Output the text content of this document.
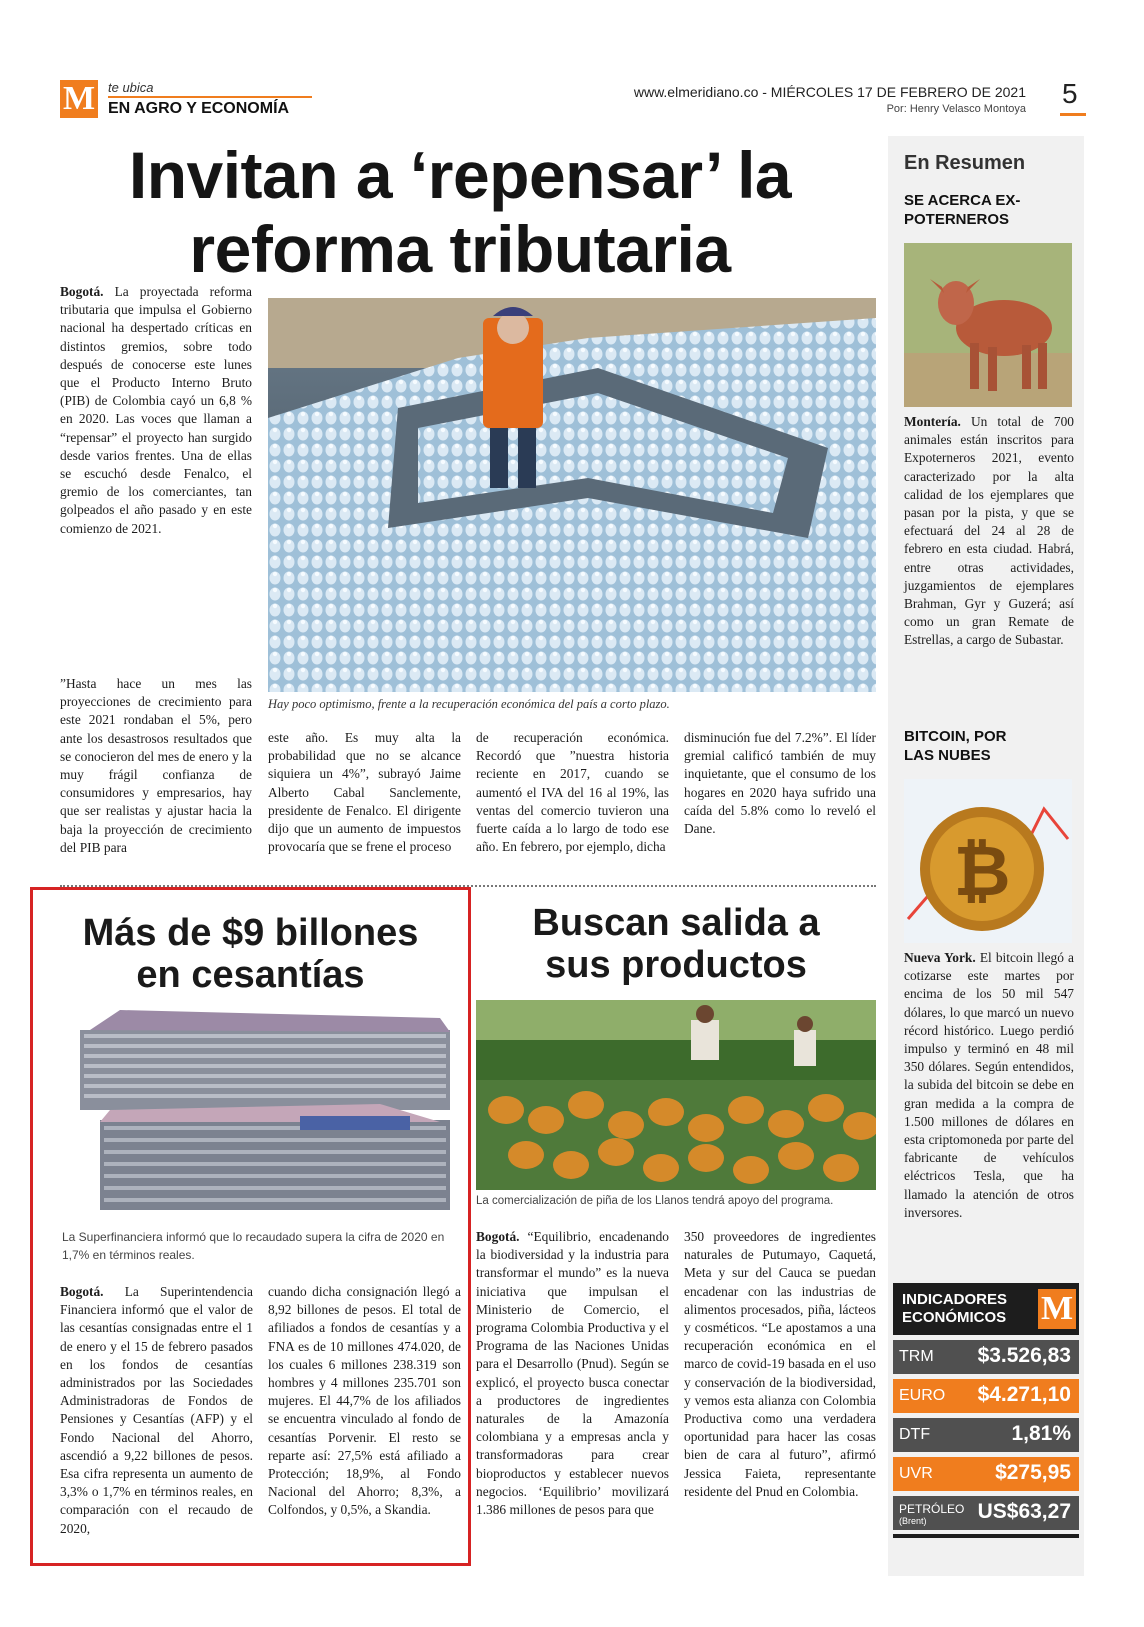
M te ubica
EN AGRO Y ECONOMÍA
www.elmeridiano.co - MIÉRCOLES 17 DE FEBRERO DE 2021
Por: Henry Velasco Montoya 5
Invitan a ‘repensar’ la
reforma tributaria
Bogotá. La proyectada reforma tributaria que impulsa el Gobierno nacional ha despertado críticas en distintos gremios, sobre todo después de conocerse este lunes que el Producto Interno Bruto (PIB) de Colombia cayó un 6,8 % en 2020. Las voces que llaman a “repensar” el proyecto han surgido desde varios frentes. Una de ellas se escuchó desde Fenalco, el gremio de los comerciantes, tan golpeados el año pasado y en este comienzo de 2021.
”Hasta hace un mes las proyecciones de crecimiento para este 2021 rondaban el 5%, pero ante los desastrosos resultados que se conocieron del mes de enero y la muy frágil confianza de consumidores y empresarios, hay que ser realistas y ajustar hacia la baja la proyección de crecimiento del PIB para
Hay poco optimismo, frente a la recuperación económica del país a corto plazo.
este año. Es muy alta la probabilidad que no se alcance siquiera un 4%”, subrayó Jaime Alberto Cabal Sanclemente, presidente de Fenalco. El dirigente dijo que un aumento de impuestos provocaría que se frene el proceso
de recuperación económica. Recordó que ”nuestra historia reciente en 2017, cuando se aumentó el IVA del 16 al 19%, las ventas del comercio tuvieron una fuerte caída a lo largo de todo ese año. En febrero, por ejemplo, dicha
disminución fue del 7.2%”. El líder gremial calificó también de muy inquietante, que el consumo de los hogares en 2020 haya sufrido una caída del 5.8% como lo reveló el Dane.
Más de $9 billones
en cesantías
La Superfinanciera informó que lo recaudado supera la cifra de 2020 en 1,7% en términos reales.
Bogotá. La Superintendencia Financiera informó que el valor de las cesantías consignadas entre el 1 de enero y el 15 de febrero pasados en los fondos de cesantías administrados por las Sociedades Administradoras de Fondos de Pensiones y Cesantías (AFP) y el Fondo Nacional del Ahorro, ascendió a 9,22 billones de pesos. Esa cifra representa un aumento de 3,3% o 1,7% en términos reales, en comparación con el recaudo de 2020,
cuando dicha consignación llegó a 8,92 billones de pesos. El total de afiliados a fondos de cesantías y a FNA es de 10 millones 474.020, de los cuales 6 millones 238.319 son hombres y 4 millones 235.701 son mujeres. El 44,7% de los afiliados se encuentra vinculado al fondo de cesantías Porvenir. El resto se reparte así: 27,5% está afiliado a Protección; 18,9%, al Fondo Nacional del Ahorro; 8,3%, a Colfondos, y 0,5%, a Skandia.
Buscan salida a
sus productos
La comercialización de piña de los Llanos tendrá apoyo del programa.
Bogotá. “Equilibrio, encadenando la biodiversidad y la industria para transformar el mundo” es la nueva iniciativa que impulsan el Ministerio de Comercio, el programa Colombia Productiva y el Programa de las Naciones Unidas para el Desarrollo (Pnud). Según se explicó, el proyecto busca conectar a productores de ingredientes naturales de la Amazonía colombiana y a empresas ancla y transformadoras para crear bioproductos y establecer nuevos negocios. ‘Equilibrio’ movilizará 1.386 millones de pesos para que
350 proveedores de ingredientes naturales de Putumayo, Caquetá, Meta y sur del Cauca se puedan encadenar con las industrias de alimentos procesados, piña, lácteos y cosméticos. “Le apostamos a una recuperación económica en el marco de covid-19 basada en el uso y conservación de la biodiversidad, y vemos esta alianza con Colombia Productiva como una verdadera oportunidad para hacer las cosas bien de cara al futuro”, afirmó Jessica Faieta, representante residente del Pnud en Colombia.
En Resumen
SE ACERCA EX-
POTERNEROS
Montería. Un total de 700 animales están inscritos para Expoterneros 2021, evento caracterizado por la alta calidad de los ejemplares que pasan por la pista, y que se efectuará del 24 al 28 de febrero en esta ciudad. Habrá, entre otras actividades, juzgamientos de ejemplares Brahman, Gyr y Guzerá; así como un gran Remate de Estrellas, a cargo de Subastar.
BITCOIN, POR
LAS NUBES
₿
Nueva York. El bitcoin llegó a cotizarse este martes por encima de los 50 mil 547 dólares, lo que marcó un nuevo récord histórico. Luego perdió impulso y terminó en 48 mil 350 dólares. Según entendidos, la subida del bitcoin se debe en gran medida a la compra de 1.500 millones de dólares en esta criptomoneda por parte del fabricante de vehículos eléctricos Tesla, que ha llamado la atención de otros inversores.
INDICADORES
ECONÓMICOS M
TRM $3.526,83
EURO $4.271,10
DTF	1,81%
UVR	$275,95
PETRÓLEO
(Brent) US$63,27
